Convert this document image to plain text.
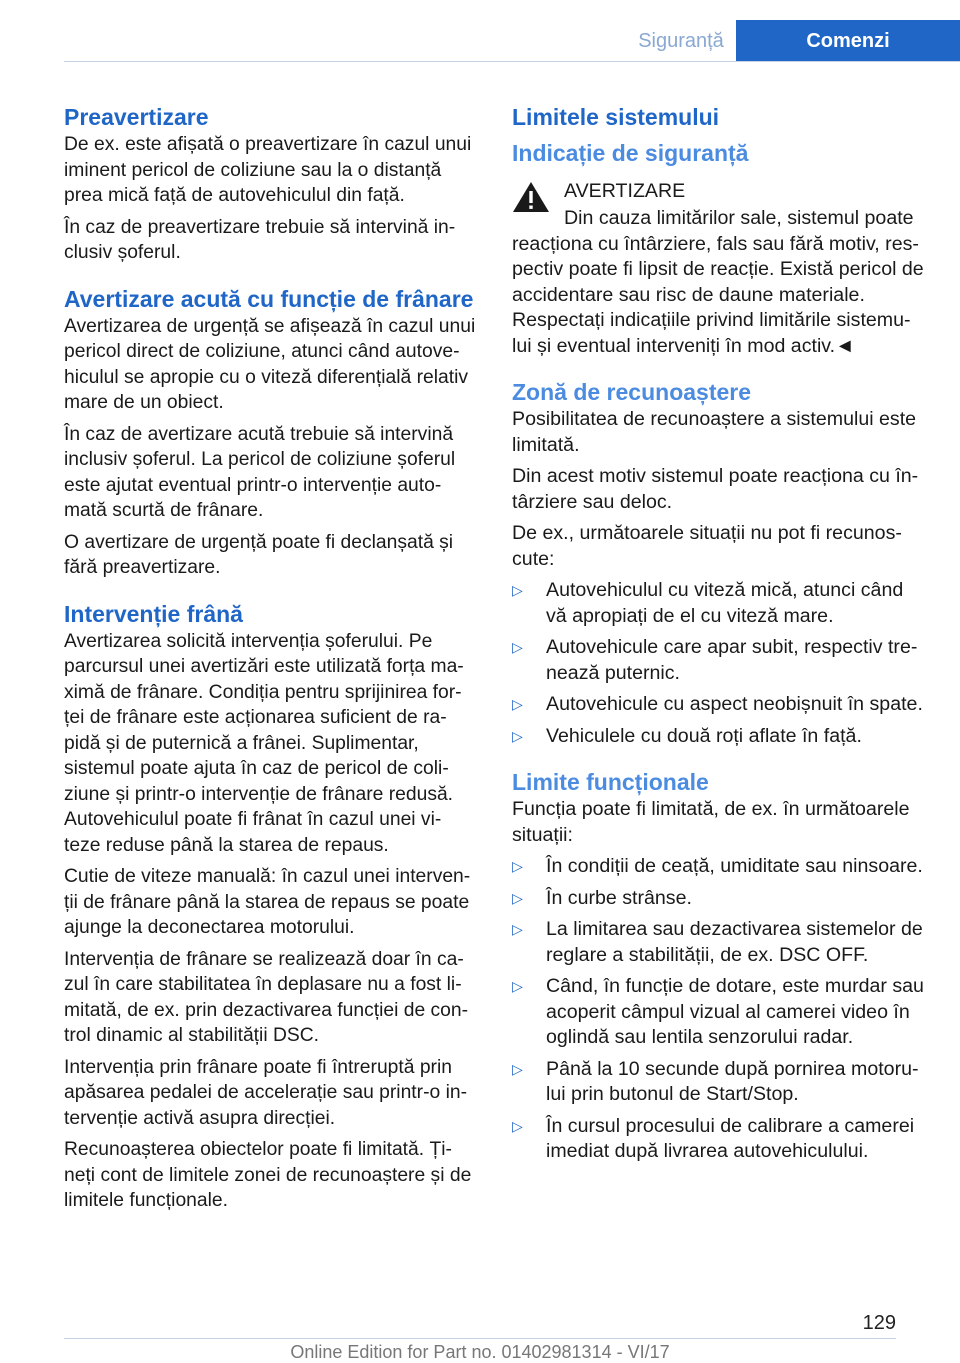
Siguranță	Comenzi
Preavertizare

De ex. este afișată o preavertizare în cazul unui iminent pericol de coliziune sau la o distanță prea mică față de autovehiculul din față.

În caz de preavertizare trebuie să intervină in- clusiv șoferul.

Avertizare acută cu funcție de frânare

Avertizarea de urgență se afișează în cazul unui pericol direct de coliziune, atunci când autove- hiculul se apropie cu o viteză diferențială relativ mare de un obiect.

În caz de avertizare acută trebuie să intervină inclusiv șoferul. La pericol de coliziune șoferul este ajutat eventual printr-o intervenție auto- mată scurtă de frânare.

O avertizare de urgență poate fi declanșată și fără preavertizare.

Intervenție frână

Avertizarea solicită intervenția șoferului. Pe parcursul unei avertizări este utilizată forța ma- ximă de frânare. Condiția pentru sprijinirea for- ței de frânare este acționarea suficient de ra- pidă și de puternică a frânei. Suplimentar, sistemul poate ajuta în caz de pericol de coli- ziune și printr-o intervenție de frânare redusă. Autovehiculul poate fi frânat în cazul unei vi- teze reduse până la starea de repaus.

Cutie de viteze manuală: în cazul unei interven- ții de frânare până la starea de repaus se poate ajunge la deconectarea motorului.

Intervenția de frânare se realizează doar în ca- zul în care stabilitatea în deplasare nu a fost li- mitată, de ex. prin dezactivarea funcției de con- trol dinamic al stabilității DSC.

Intervenția prin frânare poate fi întreruptă prin apăsarea pedalei de accelerație sau printr-o in- tervenție activă asupra direcției.

Recunoașterea obiectelor poate fi limitată. Ți- neți cont de limitele zonei de recunoaștere și de limitele funcționale.

Limitele sistemului
Indicație de siguranță
AVERTIZARE
Din cauza limitărilor sale, sistemul poate

reacționa cu întârziere, fals sau fără motiv, res- pectiv poate fi lipsit de reacție. Există pericol de accidentare sau risc de daune materiale. Respectați indicațiile privind limitările sistemu- lui și eventual interveniți în mod activ.◄

Zonă de recunoaștere

Posibilitatea de recunoaștere a sistemului este limitată.

Din acest motiv sistemul poate reacționa cu în- târziere sau deloc.

De ex., următoarele situații nu pot fi recunos- cute:

▷ Autovehiculul cu viteză mică, atunci când vă apropiați de el cu viteză mare.
▷ Autovehicule care apar subit, respectiv tre- nează puternic.
▷ Autovehicule cu aspect neobișnuit în spate.
▷ Vehiculele cu două roți aflate în față.
Limite funcționale

Funcția poate fi limitată, de ex. în următoarele situații:

▷ În condiții de ceață, umiditate sau ninsoare.
▷ În curbe strânse.
▷ La limitarea sau dezactivarea sistemelor de reglare a stabilității, de ex. DSC OFF.
▷ Când, în funcție de dotare, este murdar sau acoperit câmpul vizual al camerei video în oglindă sau lentila senzorului radar.
▷ Până la 10 secunde după pornirea motoru- lui prin butonul de Start/Stop.
▷ În cursul procesului de calibrare a camerei imediat după livrarea autovehiculului.
129
Online Edition for Part no. 01402981314 - VI/17
